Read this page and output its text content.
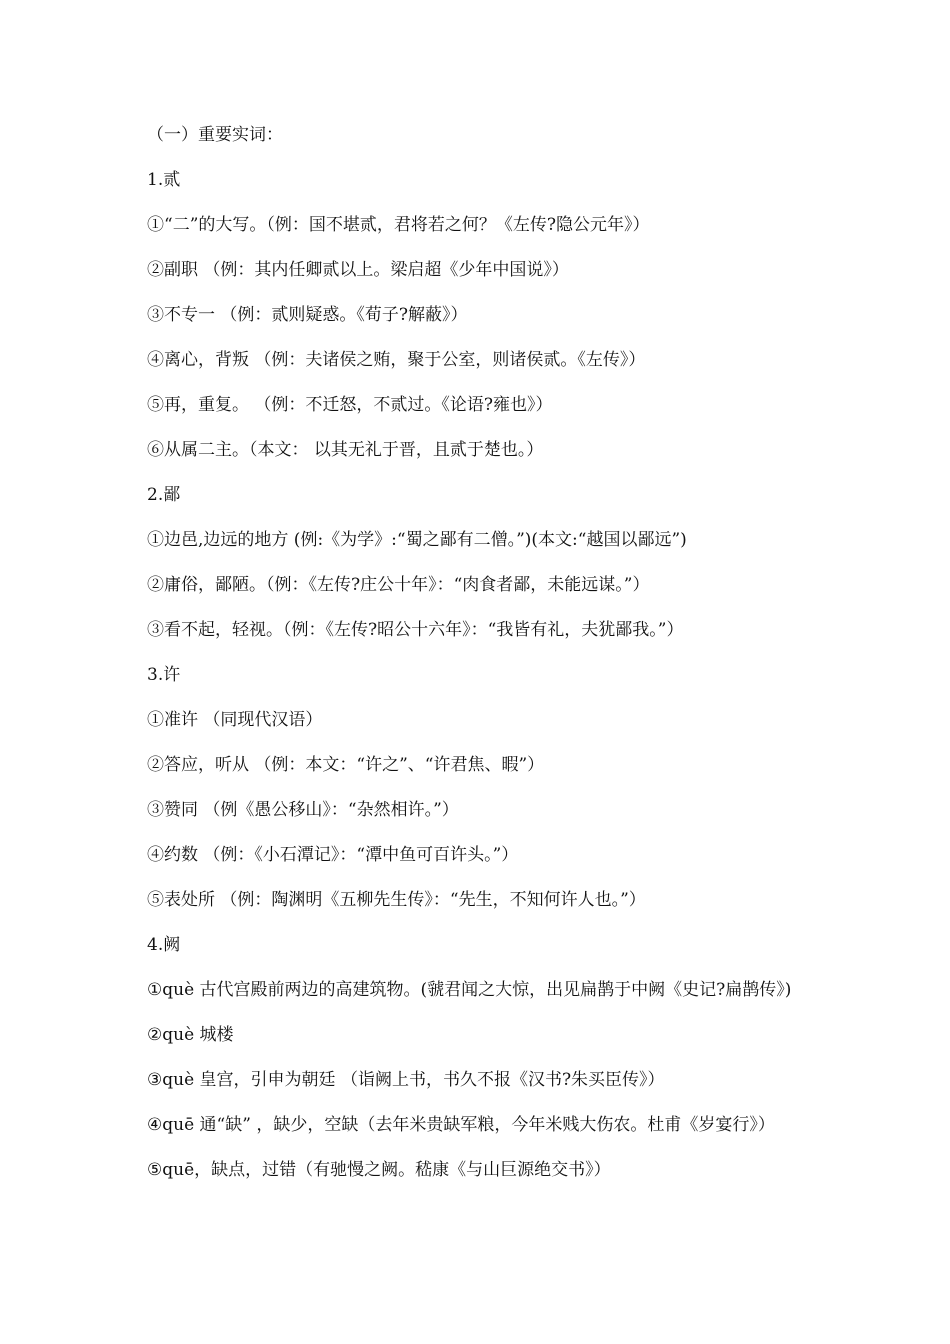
（一）重要实词：

1.贰

①“二”的大写。（例：国不堪贰，君将若之何？《左传?隐公元年》）

②副职 （例：其内任卿贰以上。梁启超《少年中国说》）

③不专一 （例：贰则疑惑。《荀子?解蔽》）

④离心，背叛 （例：夫诸侯之贿，聚于公室，则诸侯贰。《左传》）

⑤再，重复。 （例：不迁怒，不贰过。《论语?雍也》）

⑥从属二主。（本文： 以其无礼于晋，且贰于楚也。）

2.鄙

①边邑,边远的地方 (例:《为学》:“蜀之鄙有二僧。”)(本文:“越国以鄙远”)

②庸俗，鄙陋。（例：《左传?庄公十年》：“肉食者鄙，未能远谋。”）

③看不起，轻视。（例：《左传?昭公十六年》：“我皆有礼，夫犹鄙我。”）

3.许

①准许 （同现代汉语）

②答应，听从 （例：本文：“许之”、“许君焦、暇”）

③赞同 （例《愚公移山》：“杂然相许。”）

④约数 （例：《小石潭记》：“潭中鱼可百许头。”）

⑤表处所 （例：陶渊明《五柳先生传》：“先生，不知何许人也。”）

4.阙

①què 古代宫殿前两边的高建筑物。(虢君闻之大惊，出见扁鹊于中阙《史记?扁鹊传》)

②què 城楼

③què 皇宫，引申为朝廷 （诣阙上书，书久不报《汉书?朱买臣传》）

④quē 通“缺” ，缺少，空缺（去年米贵缺军粮，今年米贱大伤农。杜甫《岁宴行》）

⑤quē，缺点，过错（有驰慢之阙。嵇康《与山巨源绝交书》）
